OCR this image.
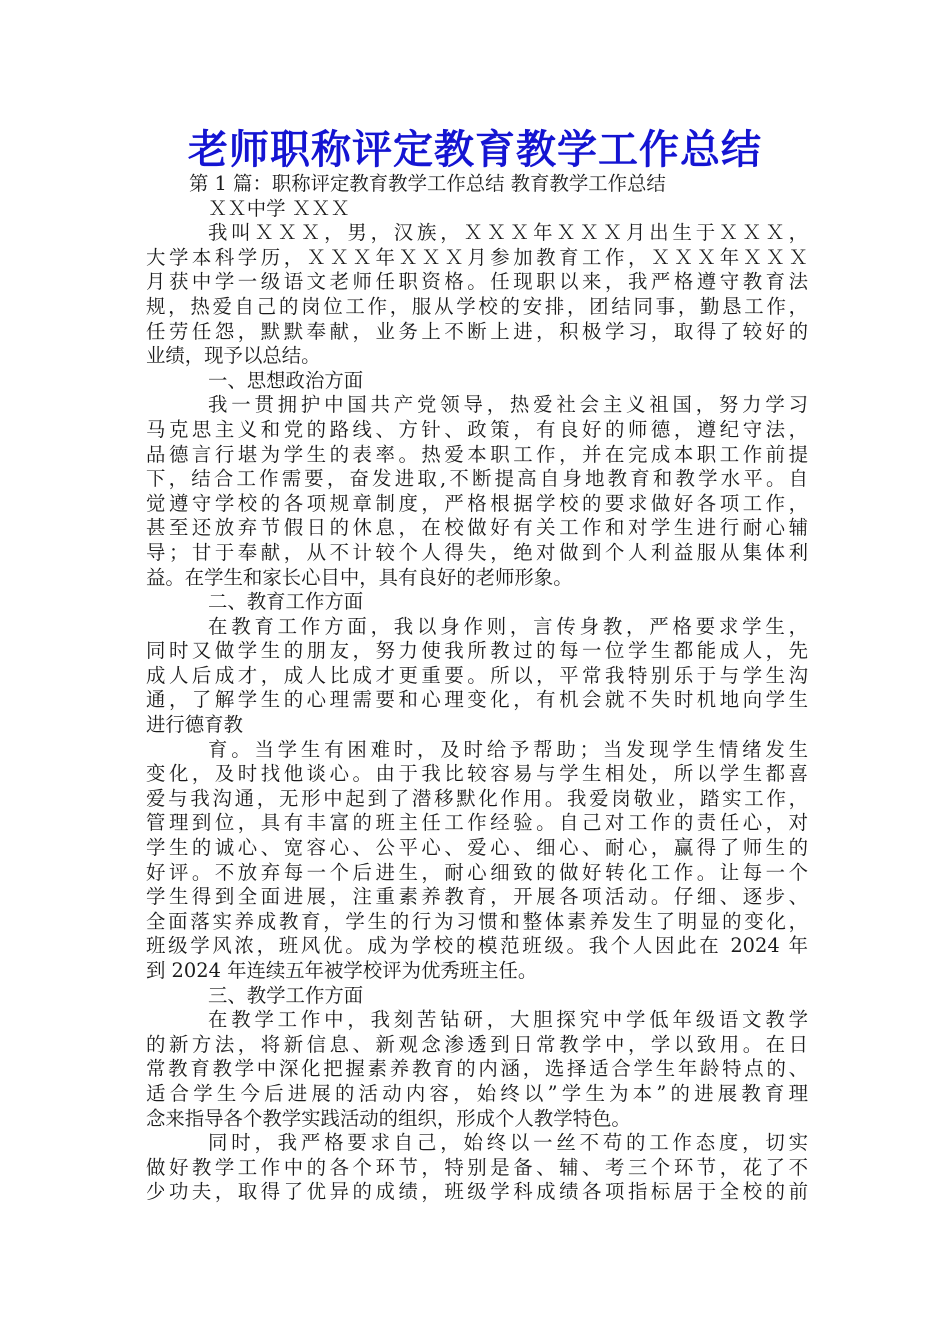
老师职称评定教育教学工作总结
第 1 篇：职称评定教育教学工作总结 教育教学工作总结
ＸＸ中学 ＸＸＸ
我叫ＸＸＸ，男，汉族，ＸＸＸ年ＸＸＸ月出生于ＸＸＸ，
大学本科学历，ＸＸＸ年ＸＸＸ月参加教育工作，ＸＸＸ年ＸＸＸ
月获中学一级语文老师任职资格。任现职以来，我严格遵守教育法
规，热爱自己的岗位工作，服从学校的安排，团结同事，勤恳工作，
任劳任怨，默默奉献，业务上不断上进，积极学习，取得了较好的
业绩，现予以总结。
一、思想政治方面
我一贯拥护中国共产党领导，热爱社会主义祖国，努力学习
马克思主义和党的路线、方针、政策，有良好的师德，遵纪守法，
品德言行堪为学生的表率。热爱本职工作，并在完成本职工作前提
下，结合工作需要，奋发进取,不断提高自身地教育和教学水平。自
觉遵守学校的各项规章制度，严格根据学校的要求做好各项工作，
甚至还放弃节假日的休息，在校做好有关工作和对学生进行耐心辅
导；甘于奉献，从不计较个人得失，绝对做到个人利益服从集体利
益。在学生和家长心目中，具有良好的老师形象。
二、教育工作方面
在教育工作方面，我以身作则，言传身教，严格要求学生，
同时又做学生的朋友，努力使我所教过的每一位学生都能成人，先
成人后成才，成人比成才更重要。所以，平常我特别乐于与学生沟
通，了解学生的心理需要和心理变化，有机会就不失时机地向学生
进行德育教
育。当学生有困难时，及时给予帮助；当发现学生情绪发生
变化，及时找他谈心。由于我比较容易与学生相处，所以学生都喜
爱与我沟通，无形中起到了潜移默化作用。我爱岗敬业，踏实工作，
管理到位，具有丰富的班主任工作经验。自己对工作的责任心，对
学生的诚心、宽容心、公平心、爱心、细心、耐心，赢得了师生的
好评。不放弃每一个后进生，耐心细致的做好转化工作。让每一个
学生得到全面进展，注重素养教育，开展各项活动。仔细、逐步、
全面落实养成教育，学生的行为习惯和整体素养发生了明显的变化，
班级学风浓，班风优。成为学校的模范班级。我个人因此在 2024 年
到 2024 年连续五年被学校评为优秀班主任。
三、教学工作方面
在教学工作中，我刻苦钻研，大胆探究中学低年级语文教学
的新方法，将新信息、新观念渗透到日常教学中，学以致用。在日
常教育教学中深化把握素养教育的内涵，选择适合学生年龄特点的、
适合学生今后进展的活动内容，始终以”学生为本”的进展教育理
念来指导各个教学实践活动的组织，形成个人教学特色。
同时，我严格要求自己，始终以一丝不苟的工作态度，切实
做好教学工作中的各个环节，特别是备、辅、考三个环节，花了不
少功夫，取得了优异的成绩，班级学科成绩各项指标居于全校的前
